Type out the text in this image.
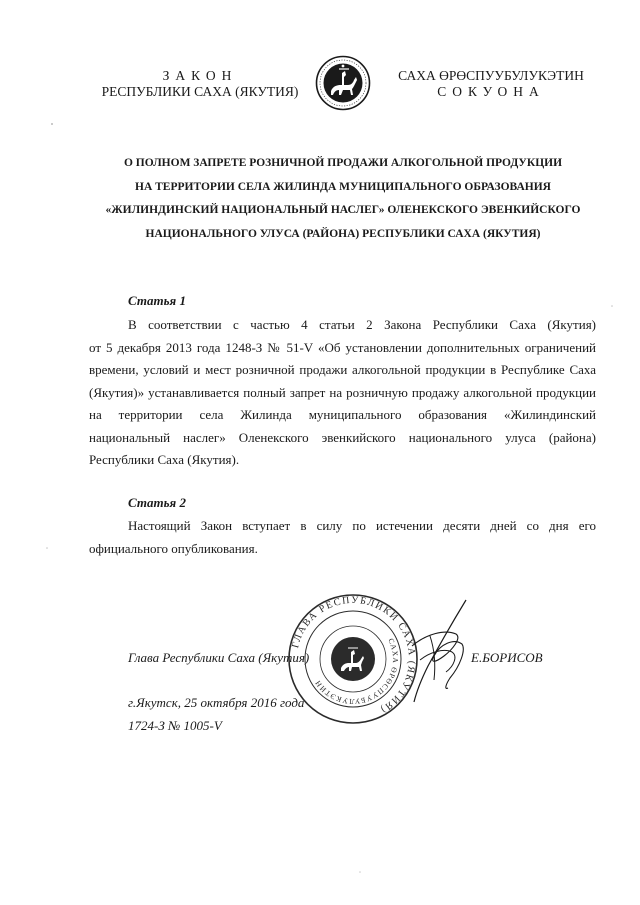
ЗАКОН
РЕСПУБЛИКИ САХА (ЯКУТИЯ)
САХА ӨРӨСПУУБУЛУКЭТИН
СОКУОНА
О ПОЛНОМ ЗАПРЕТЕ РОЗНИЧНОЙ ПРОДАЖИ АЛКОГОЛЬНОЙ ПРОДУКЦИИ
НА ТЕРРИТОРИИ СЕЛА ЖИЛИНДА МУНИЦИПАЛЬНОГО ОБРАЗОВАНИЯ
«ЖИЛИНДИНСКИЙ НАЦИОНАЛЬНЫЙ НАСЛЕГ» ОЛЕНЕКСКОГО ЭВЕНКИЙСКОГО
НАЦИОНАЛЬНОГО УЛУСА (РАЙОНА) РЕСПУБЛИКИ САХА (ЯКУТИЯ)
Статья 1
В соответствии с частью 4 статьи 2 Закона Республики Саха (Якутия)
от 5 декабря 2013 года 1248-З № 51-V «Об установлении дополнительных ограничений
времени, условий и мест розничной продажи алкогольной продукции в Республике Саха
(Якутия)» устанавливается полный запрет на розничную продажу алкогольной продукции
на территории села Жилинда муниципального образования «Жилиндинский
национальный наслег» Оленекского эвенкийского национального улуса (района)
Республики Саха (Якутия).
Статья 2
Настоящий Закон вступает в силу по истечении десяти дней со дня его
официального опубликования.
ГЛАВА РЕСПУБЛИКИ САХА (ЯКУТИЯ)
САХА ӨРӨСПУУБУЛУКЭТИН
Глава Республики Саха (Якутия)	Е.БОРИСОВ
г.Якутск, 25 октября 2016 года
1724-З № 1005-V
